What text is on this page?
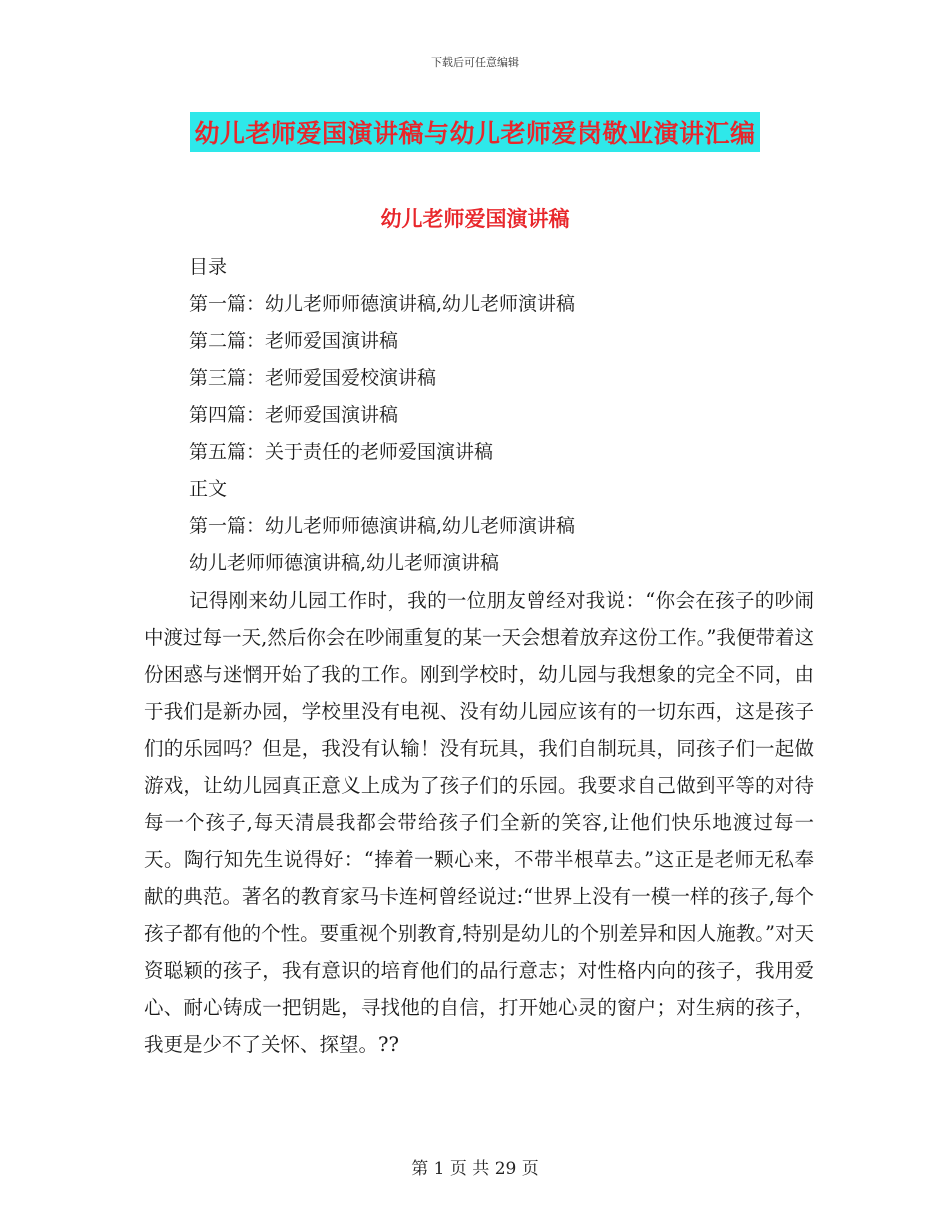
下载后可任意编辑
幼儿老师爱国演讲稿与幼儿老师爱岗敬业演讲汇编
幼儿老师爱国演讲稿
目录
第一篇：幼儿老师师德演讲稿,幼儿老师演讲稿
第二篇：老师爱国演讲稿
第三篇：老师爱国爱校演讲稿
第四篇：老师爱国演讲稿
第五篇：关于责任的老师爱国演讲稿
正文
第一篇：幼儿老师师德演讲稿,幼儿老师演讲稿
幼儿老师师德演讲稿,幼儿老师演讲稿

记得刚来幼儿园工作时，我的一位朋友曾经对我说：“你会在孩子的吵闹中渡过每一天,然后你会在吵闹重复的某一天会想着放弃这份工作。”我便带着这份困惑与迷惘开始了我的工作。刚到学校时，幼儿园与我想象的完全不同，由于我们是新办园，学校里没有电视、没有幼儿园应该有的一切东西，这是孩子们的乐园吗？但是，我没有认输！没有玩具，我们自制玩具，同孩子们一起做游戏，让幼儿园真正意义上成为了孩子们的乐园。我要求自己做到平等的对待每一个孩子,每天清晨我都会带给孩子们全新的笑容,让他们快乐地渡过每一天。陶行知先生说得好：“捧着一颗心来，不带半根草去。”这正是老师无私奉献的典范。著名的教育家马卡连柯曾经说过:“世界上没有一模一样的孩子,每个孩子都有他的个性。要重视个别教育,特别是幼儿的个别差异和因人施教。”对天资聪颖的孩子，我有意识的培育他们的品行意志；对性格内向的孩子，我用爱心、耐心铸成一把钥匙，寻找他的自信，打开她心灵的窗户；对生病的孩子，我更是少不了关怀、探望。??

第 1 页 共 29 页
